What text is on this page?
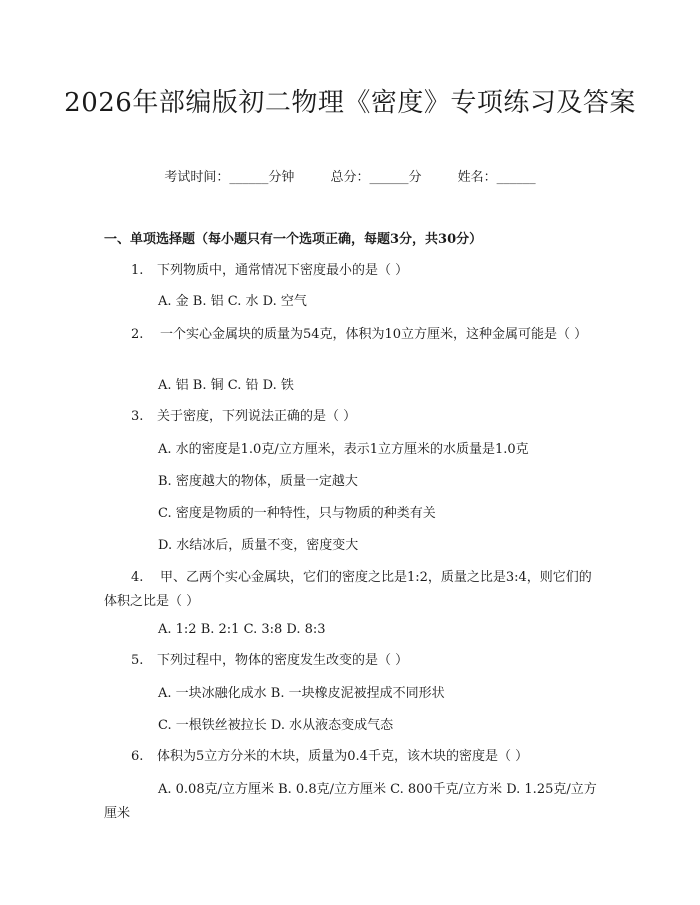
2026年部编版初二物理《密度》专项练习及答案
考试时间：______分钟	总分：______分	姓名：______
一、单项选择题（每小题只有一个选项正确，每题3分，共30分）
1. 下列物质中，通常情况下密度最小的是（ ）
A. 金 B. 铝 C. 水 D. 空气
2. 一个实心金属块的质量为54克，体积为10立方厘米，这种金属可能是（ ）
A. 铝 B. 铜 C. 铅 D. 铁
3. 关于密度，下列说法正确的是（ ）
A. 水的密度是1.0克/立方厘米，表示1立方厘米的水质量是1.0克
B. 密度越大的物体，质量一定越大
C. 密度是物质的一种特性，只与物质的种类有关
D. 水结冰后，质量不变，密度变大
4. 甲、乙两个实心金属块，它们的密度之比是1:2，质量之比是3:4，则它们的体积之比是（ ）
A. 1:2 B. 2:1 C. 3:8 D. 8:3
5. 下列过程中，物体的密度发生改变的是（ ）
A. 一块冰融化成水 B. 一块橡皮泥被捏成不同形状
C. 一根铁丝被拉长 D. 水从液态变成气态
6. 体积为5立方分米的木块，质量为0.4千克，该木块的密度是（ ）
A. 0.08克/立方厘米 B. 0.8克/立方厘米 C. 800千克/立方米 D. 1.25克/立方厘米
